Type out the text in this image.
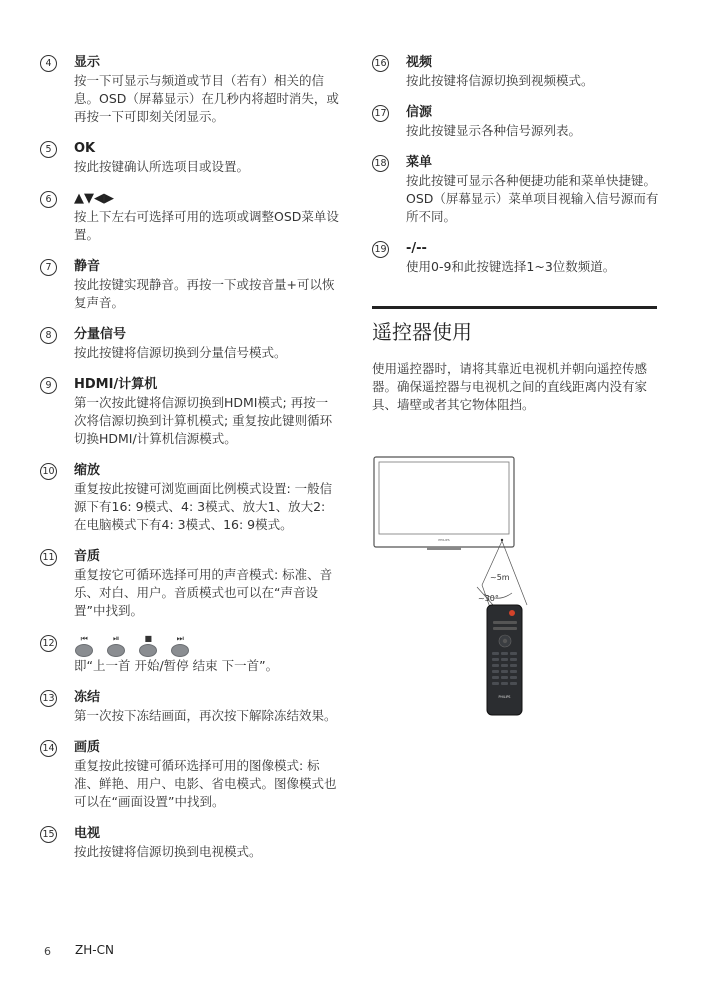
4	显示
按一下可显示与频道或节目（若有）相关的信息。OSD（屏幕显示）在几秒内将超时消失，或再按一下可即刻关闭显示。
5	OK
按此按键确认所选项目或设置。
6	▲▼◀▶
按上下左右可选择可用的选项或调整OSD菜单设置。
7	静音
按此按键实现静音。再按一下或按音量+可以恢复声音。
8	分量信号
按此按键将信源切换到分量信号模式。
9	HDMI/计算机
第一次按此键将信源切换到HDMI模式; 再按一次将信源切换到计算机模式; 重复按此键则循环切换HDMI/计算机信源模式。
10 缩放
重复按此按键可浏览画面比例模式设置: 一般信源下有16: 9模式、4: 3模式、放大1、放大2: 在电脑模式下有4: 3模式、16: 9模式。
11 音质
重复按它可循环选择可用的声音模式: 标准、音乐、对白、用户。音质模式也可以在“声音设置”中找到。
12	⏮	⏯	■	⏭
即“上一首 开始/暂停 结束 下一首”。
13 冻结
第一次按下冻结画面，再次按下解除冻结效果。
14 画质
重复按此按键可循环选择可用的图像模式: 标准、鲜艳、用户、电影、省电模式。图像模式也可以在“画面设置”中找到。
15 电视
按此按键将信源切换到电视模式。
16 视频
按此按键将信源切换到视频模式。
17 信源
按此按键显示各种信号源列表。
18 菜单
按此按键可显示各种便捷功能和菜单快捷键。OSD（屏幕显示）菜单项目视输入信号源而有所不同。
19 -/--
使用0-9和此按键选择1~3位数频道。
遥控器使用
使用遥控器时，请将其靠近电视机并朝向遥控传感器。确保遥控器与电视机之间的直线距离内没有家具、墙壁或者其它物体阻挡。
PHILIPS
~5m
~30°
PHILIPS
6 ZH-CN
